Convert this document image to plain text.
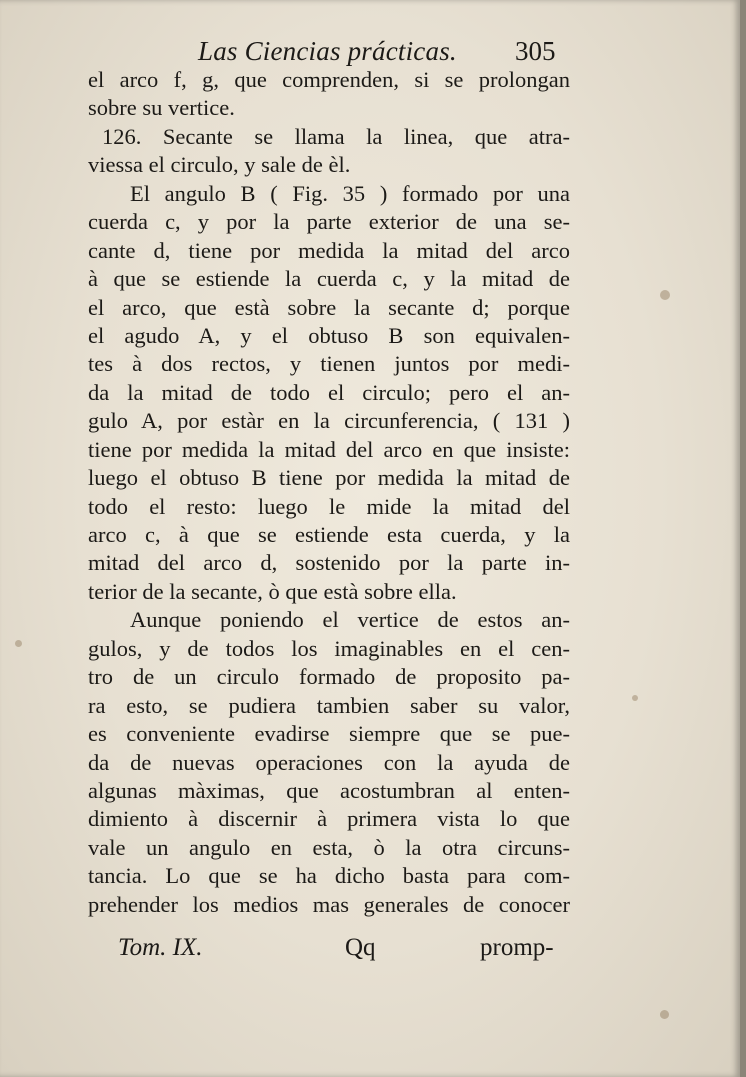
Las Ciencias prácticas. 305
el arco f, g, que comprenden, si se prolongan
sobre su vertice.
126. Secante se llama la linea, que atra-
viessa el circulo, y sale de èl.
El angulo B ( Fig. 35 ) formado por una
cuerda c, y por la parte exterior de una se-
cante d, tiene por medida la mitad del arco
à que se estiende la cuerda c, y la mitad de
el arco, que està sobre la secante d; porque
el agudo A, y el obtuso B son equivalen-
tes à dos rectos, y tienen juntos por medi-
da la mitad de todo el circulo; pero el an-
gulo A, por estàr en la circunferencia, ( 131 )
tiene por medida la mitad del arco en que insiste:
luego el obtuso B tiene por medida la mitad de
todo el resto: luego le mide la mitad del
arco c, à que se estiende esta cuerda, y la
mitad del arco d, sostenido por la parte in-
terior de la secante, ò que està sobre ella.
Aunque poniendo el vertice de estos an-
gulos, y de todos los imaginables en el cen-
tro de un circulo formado de proposito pa-
ra esto, se pudiera tambien saber su valor,
es conveniente evadirse siempre que se pue-
da de nuevas operaciones con la ayuda de
algunas màximas, que acostumbran al enten-
dimiento à discernir à primera vista lo que
vale un angulo en esta, ò la otra circuns-
tancia. Lo que se ha dicho basta para com-
prehender los medios mas generales de conocer
Tom. IX.	Qq	promp-
